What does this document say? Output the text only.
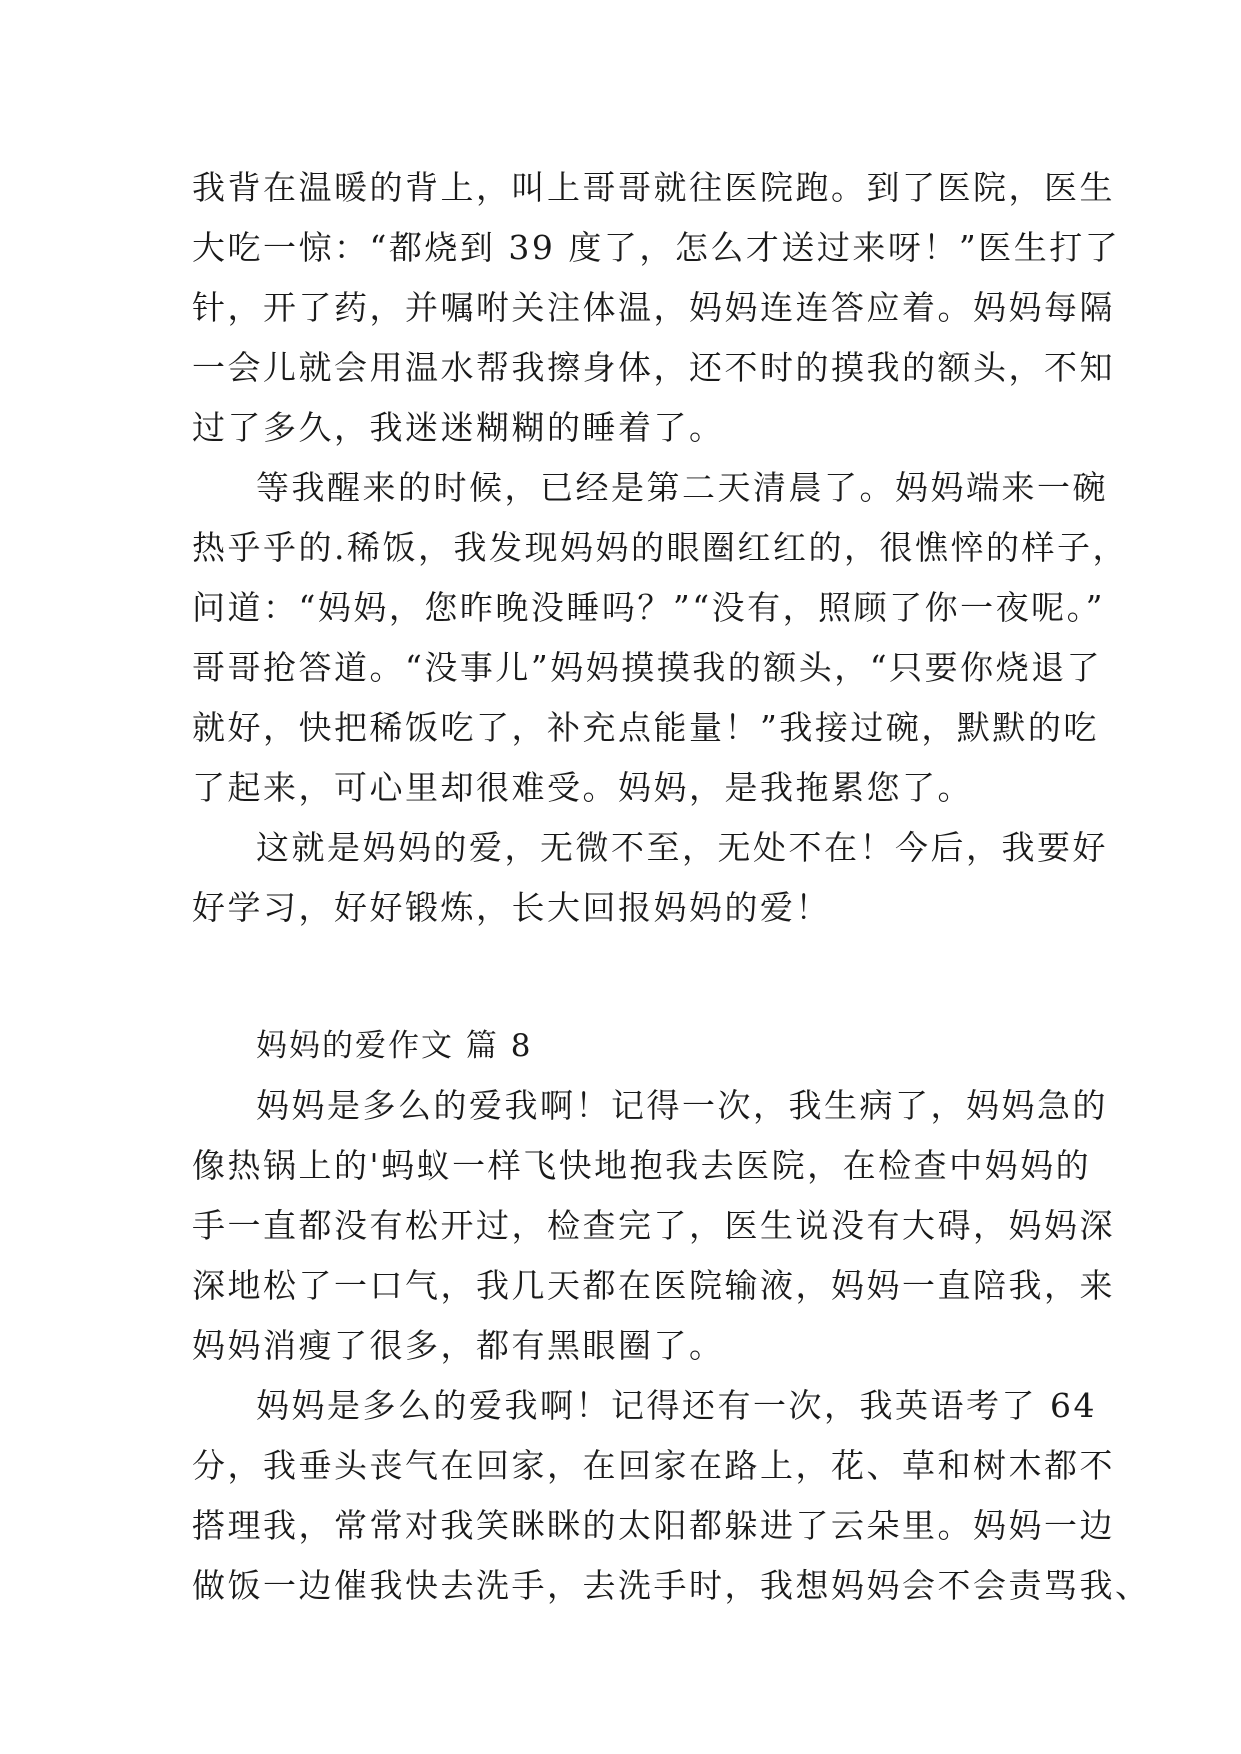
我背在温暖的背上，叫上哥哥就往医院跑。到了医院，医生
大吃一惊：“都烧到 39 度了，怎么才送过来呀！”医生打了
针，开了药，并嘱咐关注体温，妈妈连连答应着。妈妈每隔
一会儿就会用温水帮我擦身体，还不时的摸我的额头，不知
过了多久，我迷迷糊糊的睡着了。
等我醒来的时候，已经是第二天清晨了。妈妈端来一碗
热乎乎的.稀饭，我发现妈妈的眼圈红红的，很憔悴的样子，
问道：“妈妈，您昨晚没睡吗？”“没有，照顾了你一夜呢。”
哥哥抢答道。“没事儿”妈妈摸摸我的额头，“只要你烧退了
就好，快把稀饭吃了，补充点能量！”我接过碗，默默的吃
了起来，可心里却很难受。妈妈，是我拖累您了。
这就是妈妈的爱，无微不至，无处不在！今后，我要好
好学习，好好锻炼，长大回报妈妈的爱！
妈妈的爱作文 篇 8
妈妈是多么的爱我啊！记得一次，我生病了，妈妈急的
像热锅上的'蚂蚁一样飞快地抱我去医院，在检查中妈妈的
手一直都没有松开过，检查完了，医生说没有大碍，妈妈深
深地松了一口气，我几天都在医院输液，妈妈一直陪我，来
妈妈消瘦了很多，都有黑眼圈了。
妈妈是多么的爱我啊！记得还有一次，我英语考了 64
分，我垂头丧气在回家，在回家在路上，花、草和树木都不
搭理我，常常对我笑眯眯的太阳都躲进了云朵里。妈妈一边
做饭一边催我快去洗手，去洗手时，我想妈妈会不会责骂我、
